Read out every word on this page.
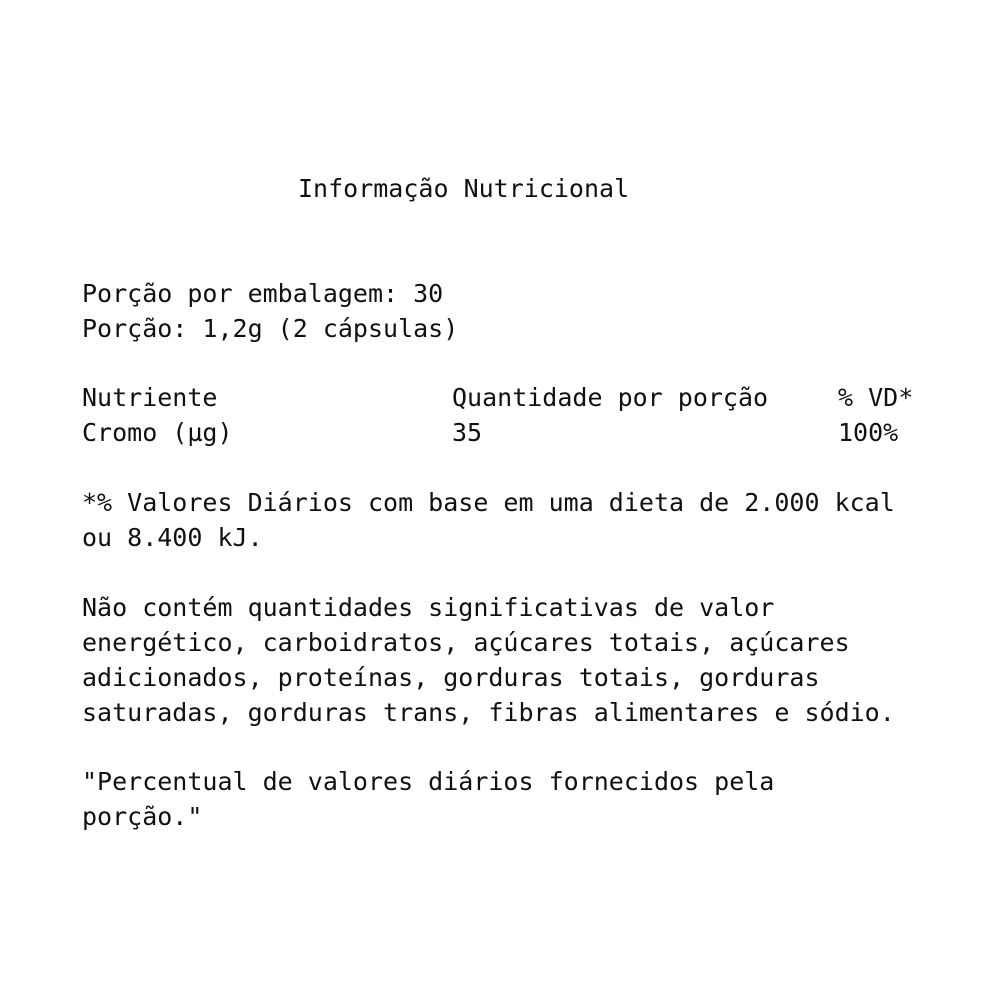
Informação Nutricional
Porção por embalagem: 30
Porção: 1,2g (2 cápsulas)
Nutriente	Quantidade por porção	% VD*
Cromo (µg)	35	100%
*% Valores Diários com base em uma dieta de 2.000 kcal
ou 8.400 kJ.
Não contém quantidades significativas de valor
energético, carboidratos, açúcares totais, açúcares
adicionados, proteínas, gorduras totais, gorduras
saturadas, gorduras trans, fibras alimentares e sódio.
"Percentual de valores diários fornecidos pela
porção."
